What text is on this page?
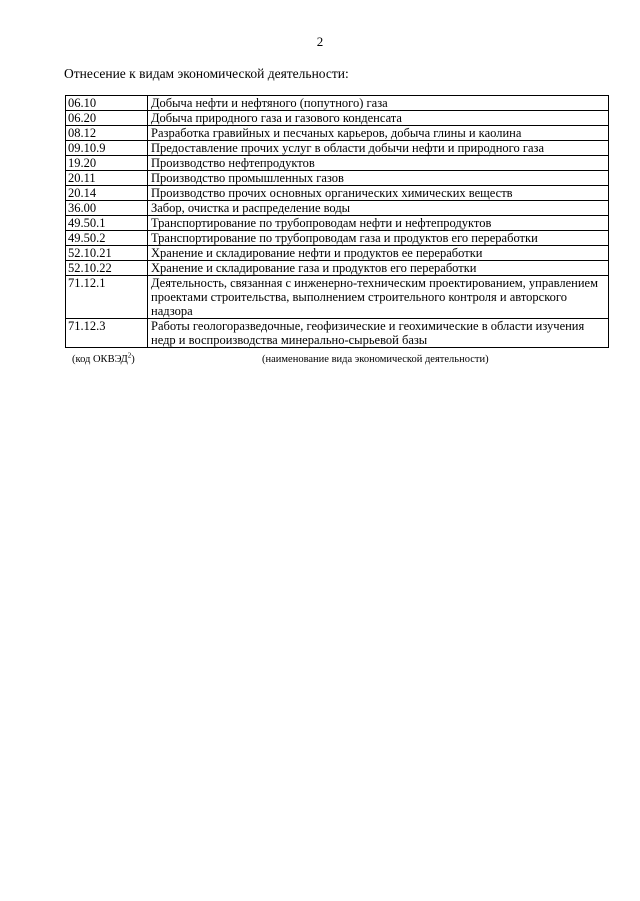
2
Отнесение к видам экономической деятельности:
06.10	Добыча нефти и нефтяного (попутного) газа
06.20	Добыча природного газа и газового конденсата
08.12	Разработка гравийных и песчаных карьеров, добыча глины и каолина
09.10.9	Предоставление прочих услуг в области добычи нефти и природного газа
19.20	Производство нефтепродуктов
20.11	Производство промышленных газов
20.14	Производство прочих основных органических химических веществ
36.00	Забор, очистка и распределение воды
49.50.1	Транспортирование по трубопроводам нефти и нефтепродуктов
49.50.2	Транспортирование по трубопроводам газа и продуктов его переработки
52.10.21	Хранение и складирование нефти и продуктов ее переработки
52.10.22	Хранение и складирование газа и продуктов его переработки
71.12.1	Деятельность, связанная с инженерно-техническим проектированием, управлением проектами строительства, выполнением строительного контроля и авторского надзора
71.12.3	Работы геологоразведочные, геофизические и геохимические в области изучения недр и воспроизводства минерально-сырьевой базы
(код ОКВЭД$^2$)	(наименование вида экономической деятельности)
